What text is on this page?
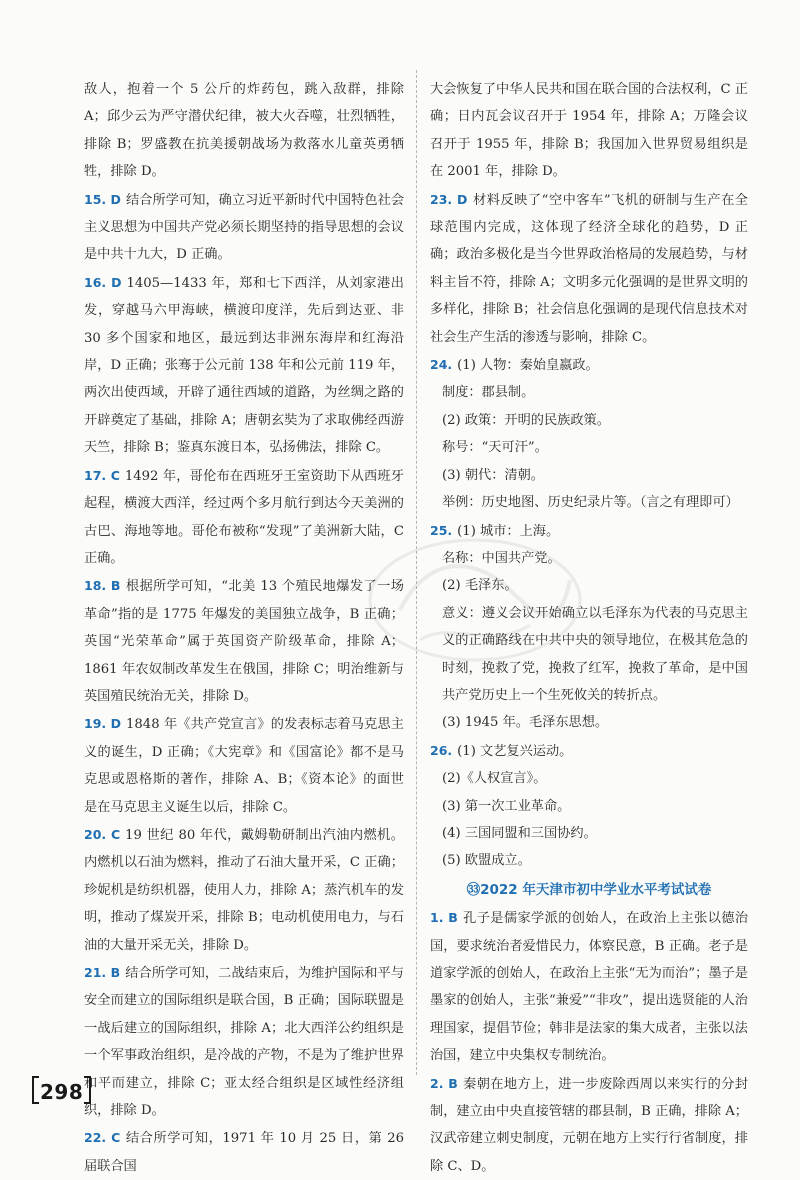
敌人，抱着一个 5 公斤的炸药包，跳入敌群，排除 A；邱少云为严守潜伏纪律，被大火吞噬，壮烈牺牲，排除 B；罗盛教在抗美援朝战场为救落水儿童英勇牺牲，排除 D。

15. D 结合所学可知，确立习近平新时代中国特色社会主义思想为中国共产党必须长期坚持的指导思想的会议是中共十九大，D 正确。

16. D 1405—1433 年，郑和七下西洋，从刘家港出发，穿越马六甲海峡，横渡印度洋，先后到达亚、非 30 多个国家和地区，最远到达非洲东海岸和红海沿岸，D 正确；张骞于公元前 138 年和公元前 119 年，两次出使西域，开辟了通往西域的道路，为丝绸之路的开辟奠定了基础，排除 A；唐朝玄奘为了求取佛经西游天竺，排除 B；鉴真东渡日本，弘扬佛法，排除 C。

17. C 1492 年，哥伦布在西班牙王室资助下从西班牙起程，横渡大西洋，经过两个多月航行到达今天美洲的古巴、海地等地。哥伦布被称“发现”了美洲新大陆，C 正确。

18. B 根据所学可知，“北美 13 个殖民地爆发了一场革命”指的是 1775 年爆发的美国独立战争，B 正确；英国“光荣革命”属于英国资产阶级革命，排除 A；1861 年农奴制改革发生在俄国，排除 C；明治维新与英国殖民统治无关，排除 D。

19. D 1848 年《共产党宣言》的发表标志着马克思主义的诞生，D 正确；《大宪章》和《国富论》都不是马克思或恩格斯的著作，排除 A、B；《资本论》的面世是在马克思主义诞生以后，排除 C。

20. C 19 世纪 80 年代，戴姆勒研制出汽油内燃机。内燃机以石油为燃料，推动了石油大量开采，C 正确；珍妮机是纺织机器，使用人力，排除 A；蒸汽机车的发明，推动了煤炭开采，排除 B；电动机使用电力，与石油的大量开采无关，排除 D。

21. B 结合所学可知，二战结束后，为维护国际和平与安全而建立的国际组织是联合国，B 正确；国际联盟是一战后建立的国际组织，排除 A；北大西洋公约组织是一个军事政治组织，是冷战的产物，不是为了维护世界和平而建立，排除 C；亚太经合组织是区域性经济组织，排除 D。

22. C 结合所学可知，1971 年 10 月 25 日，第 26 届联合国

大会恢复了中华人民共和国在联合国的合法权利，C 正确；日内瓦会议召开于 1954 年，排除 A；万隆会议召开于 1955 年，排除 B；我国加入世界贸易组织是在 2001 年，排除 D。

23. D 材料反映了“空中客车”飞机的研制与生产在全球范围内完成，这体现了经济全球化的趋势，D 正确；政治多极化是当今世界政治格局的发展趋势，与材料主旨不符，排除 A；文明多元化强调的是世界文明的多样化，排除 B；社会信息化强调的是现代信息技术对社会生产生活的渗透与影响，排除 C。

24. (1) 人物：秦始皇嬴政。
制度：郡县制。
(2) 政策：开明的民族政策。
称号：“天可汗”。
(3) 朝代：清朝。
举例：历史地图、历史纪录片等。（言之有理即可）
25. (1) 城市：上海。
名称：中国共产党。
(2) 毛泽东。
意义：遵义会议开始确立以毛泽东为代表的马克思主义的正确路线在中共中央的领导地位，在极其危急的时刻，挽救了党，挽救了红军，挽救了革命，是中国共产党历史上一个生死攸关的转折点。
(3) 1945 年。毛泽东思想。
26. (1) 文艺复兴运动。
(2)《人权宣言》。
(3) 第一次工业革命。
(4) 三国同盟和三国协约。
(5) 欧盟成立。

㉝2022 年天津市初中学业水平考试试卷

1. B 孔子是儒家学派的创始人，在政治上主张以德治国，要求统治者爱惜民力，体察民意，B 正确。老子是道家学派的创始人，在政治上主张“无为而治”；墨子是墨家的创始人，主张“兼爱”“非攻”，提出选贤能的人治理国家，提倡节俭；韩非是法家的集大成者，主张以法治国，建立中央集权专制统治。

2. B 秦朝在地方上，进一步废除西周以来实行的分封制，建立由中央直接管辖的郡县制，B 正确，排除 A；汉武帝建立刺史制度，元朝在地方上实行行省制度，排除 C、D。

298
